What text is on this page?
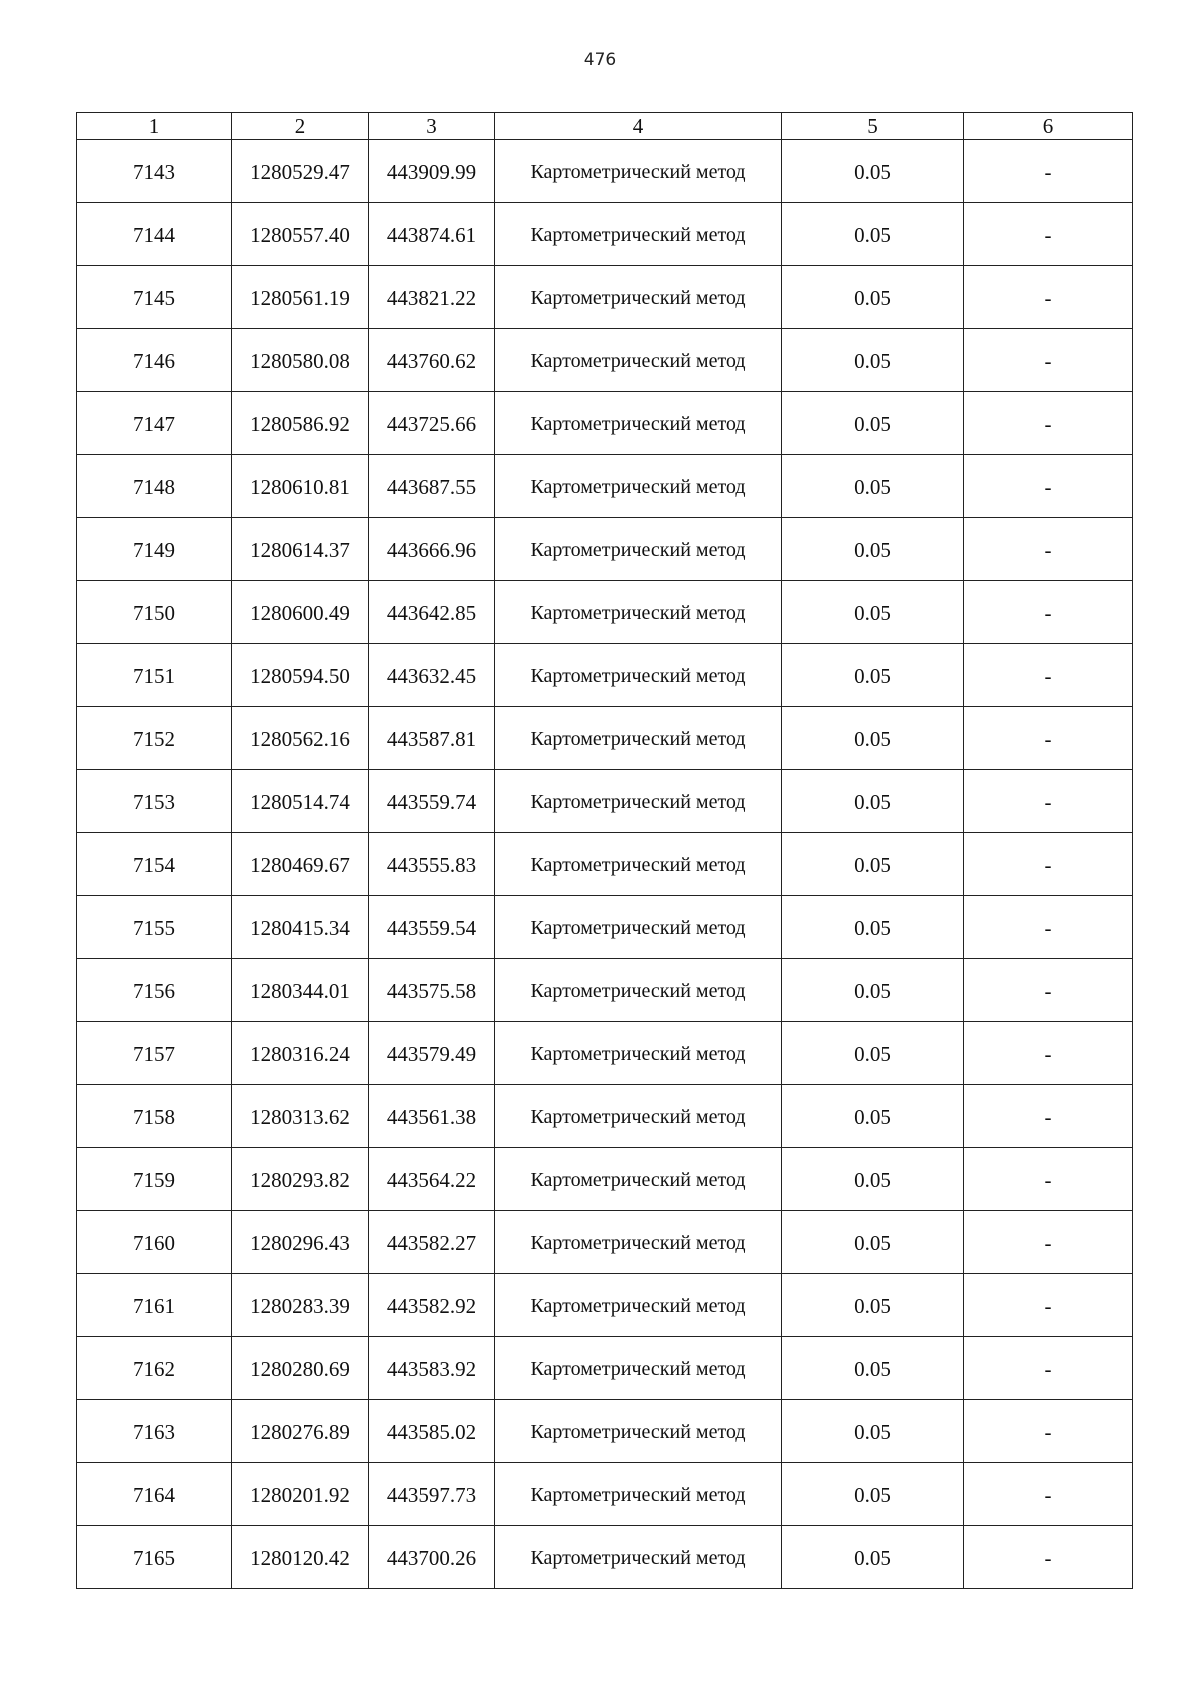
476
1	2	3	4	5	6
7143	1280529.47	443909.99	Картометрический метод	0.05	-
7144	1280557.40	443874.61	Картометрический метод	0.05	-
7145	1280561.19	443821.22	Картометрический метод	0.05	-
7146	1280580.08	443760.62	Картометрический метод	0.05	-
7147	1280586.92	443725.66	Картометрический метод	0.05	-
7148	1280610.81	443687.55	Картометрический метод	0.05	-
7149	1280614.37	443666.96	Картометрический метод	0.05	-
7150	1280600.49	443642.85	Картометрический метод	0.05	-
7151	1280594.50	443632.45	Картометрический метод	0.05	-
7152	1280562.16	443587.81	Картометрический метод	0.05	-
7153	1280514.74	443559.74	Картометрический метод	0.05	-
7154	1280469.67	443555.83	Картометрический метод	0.05	-
7155	1280415.34	443559.54	Картометрический метод	0.05	-
7156	1280344.01	443575.58	Картометрический метод	0.05	-
7157	1280316.24	443579.49	Картометрический метод	0.05	-
7158	1280313.62	443561.38	Картометрический метод	0.05	-
7159	1280293.82	443564.22	Картометрический метод	0.05	-
7160	1280296.43	443582.27	Картометрический метод	0.05	-
7161	1280283.39	443582.92	Картометрический метод	0.05	-
7162	1280280.69	443583.92	Картометрический метод	0.05	-
7163	1280276.89	443585.02	Картометрический метод	0.05	-
7164	1280201.92	443597.73	Картометрический метод	0.05	-
7165	1280120.42	443700.26	Картометрический метод	0.05	-
